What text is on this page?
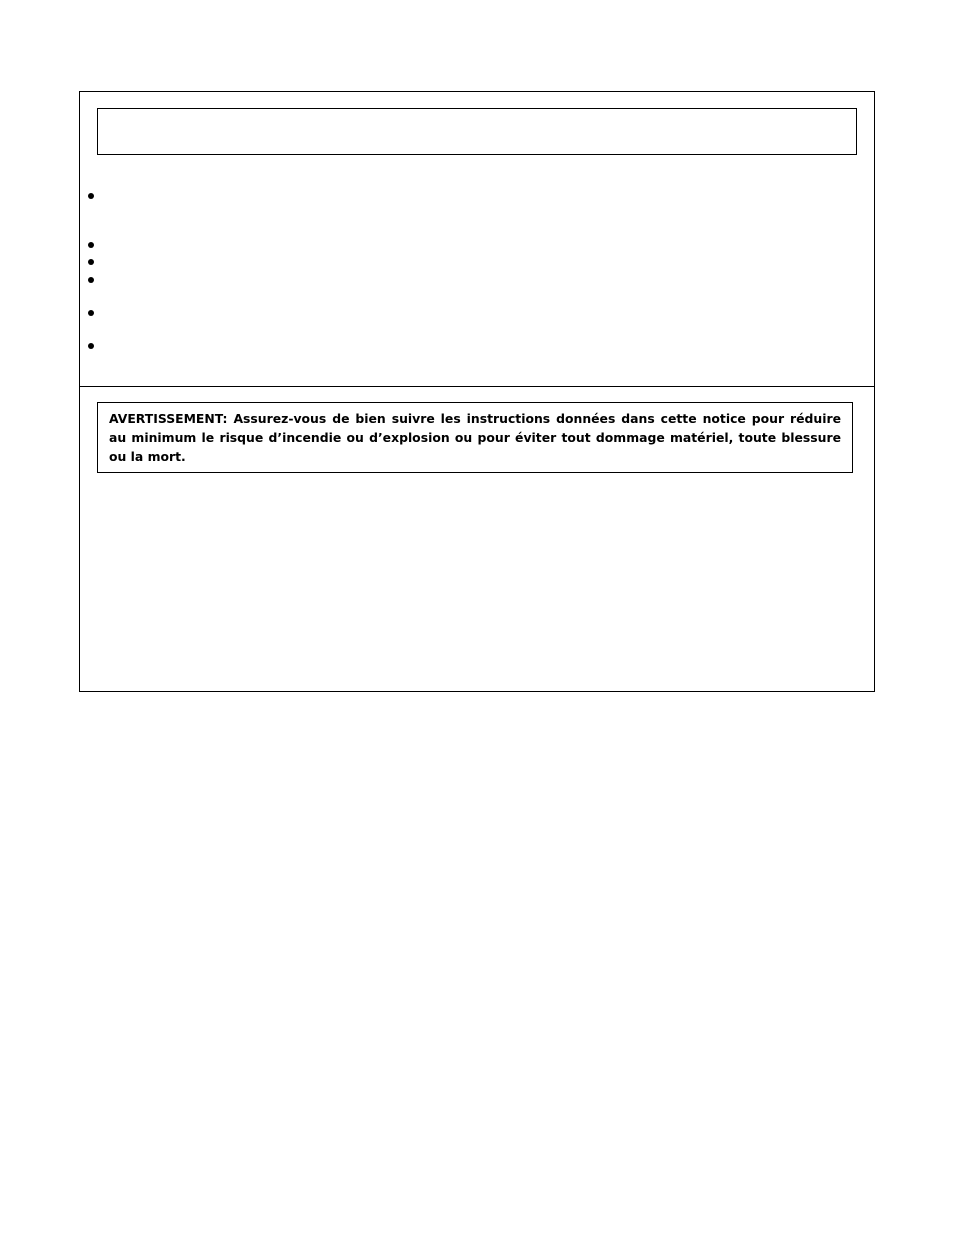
AVERTISSEMENT: Assurez-vous de bien suivre les instructions données dans cette notice pour réduire au minimum le risque d’incendie ou d’explosion ou pour éviter tout dommage matériel, toute blessure ou la mort.
